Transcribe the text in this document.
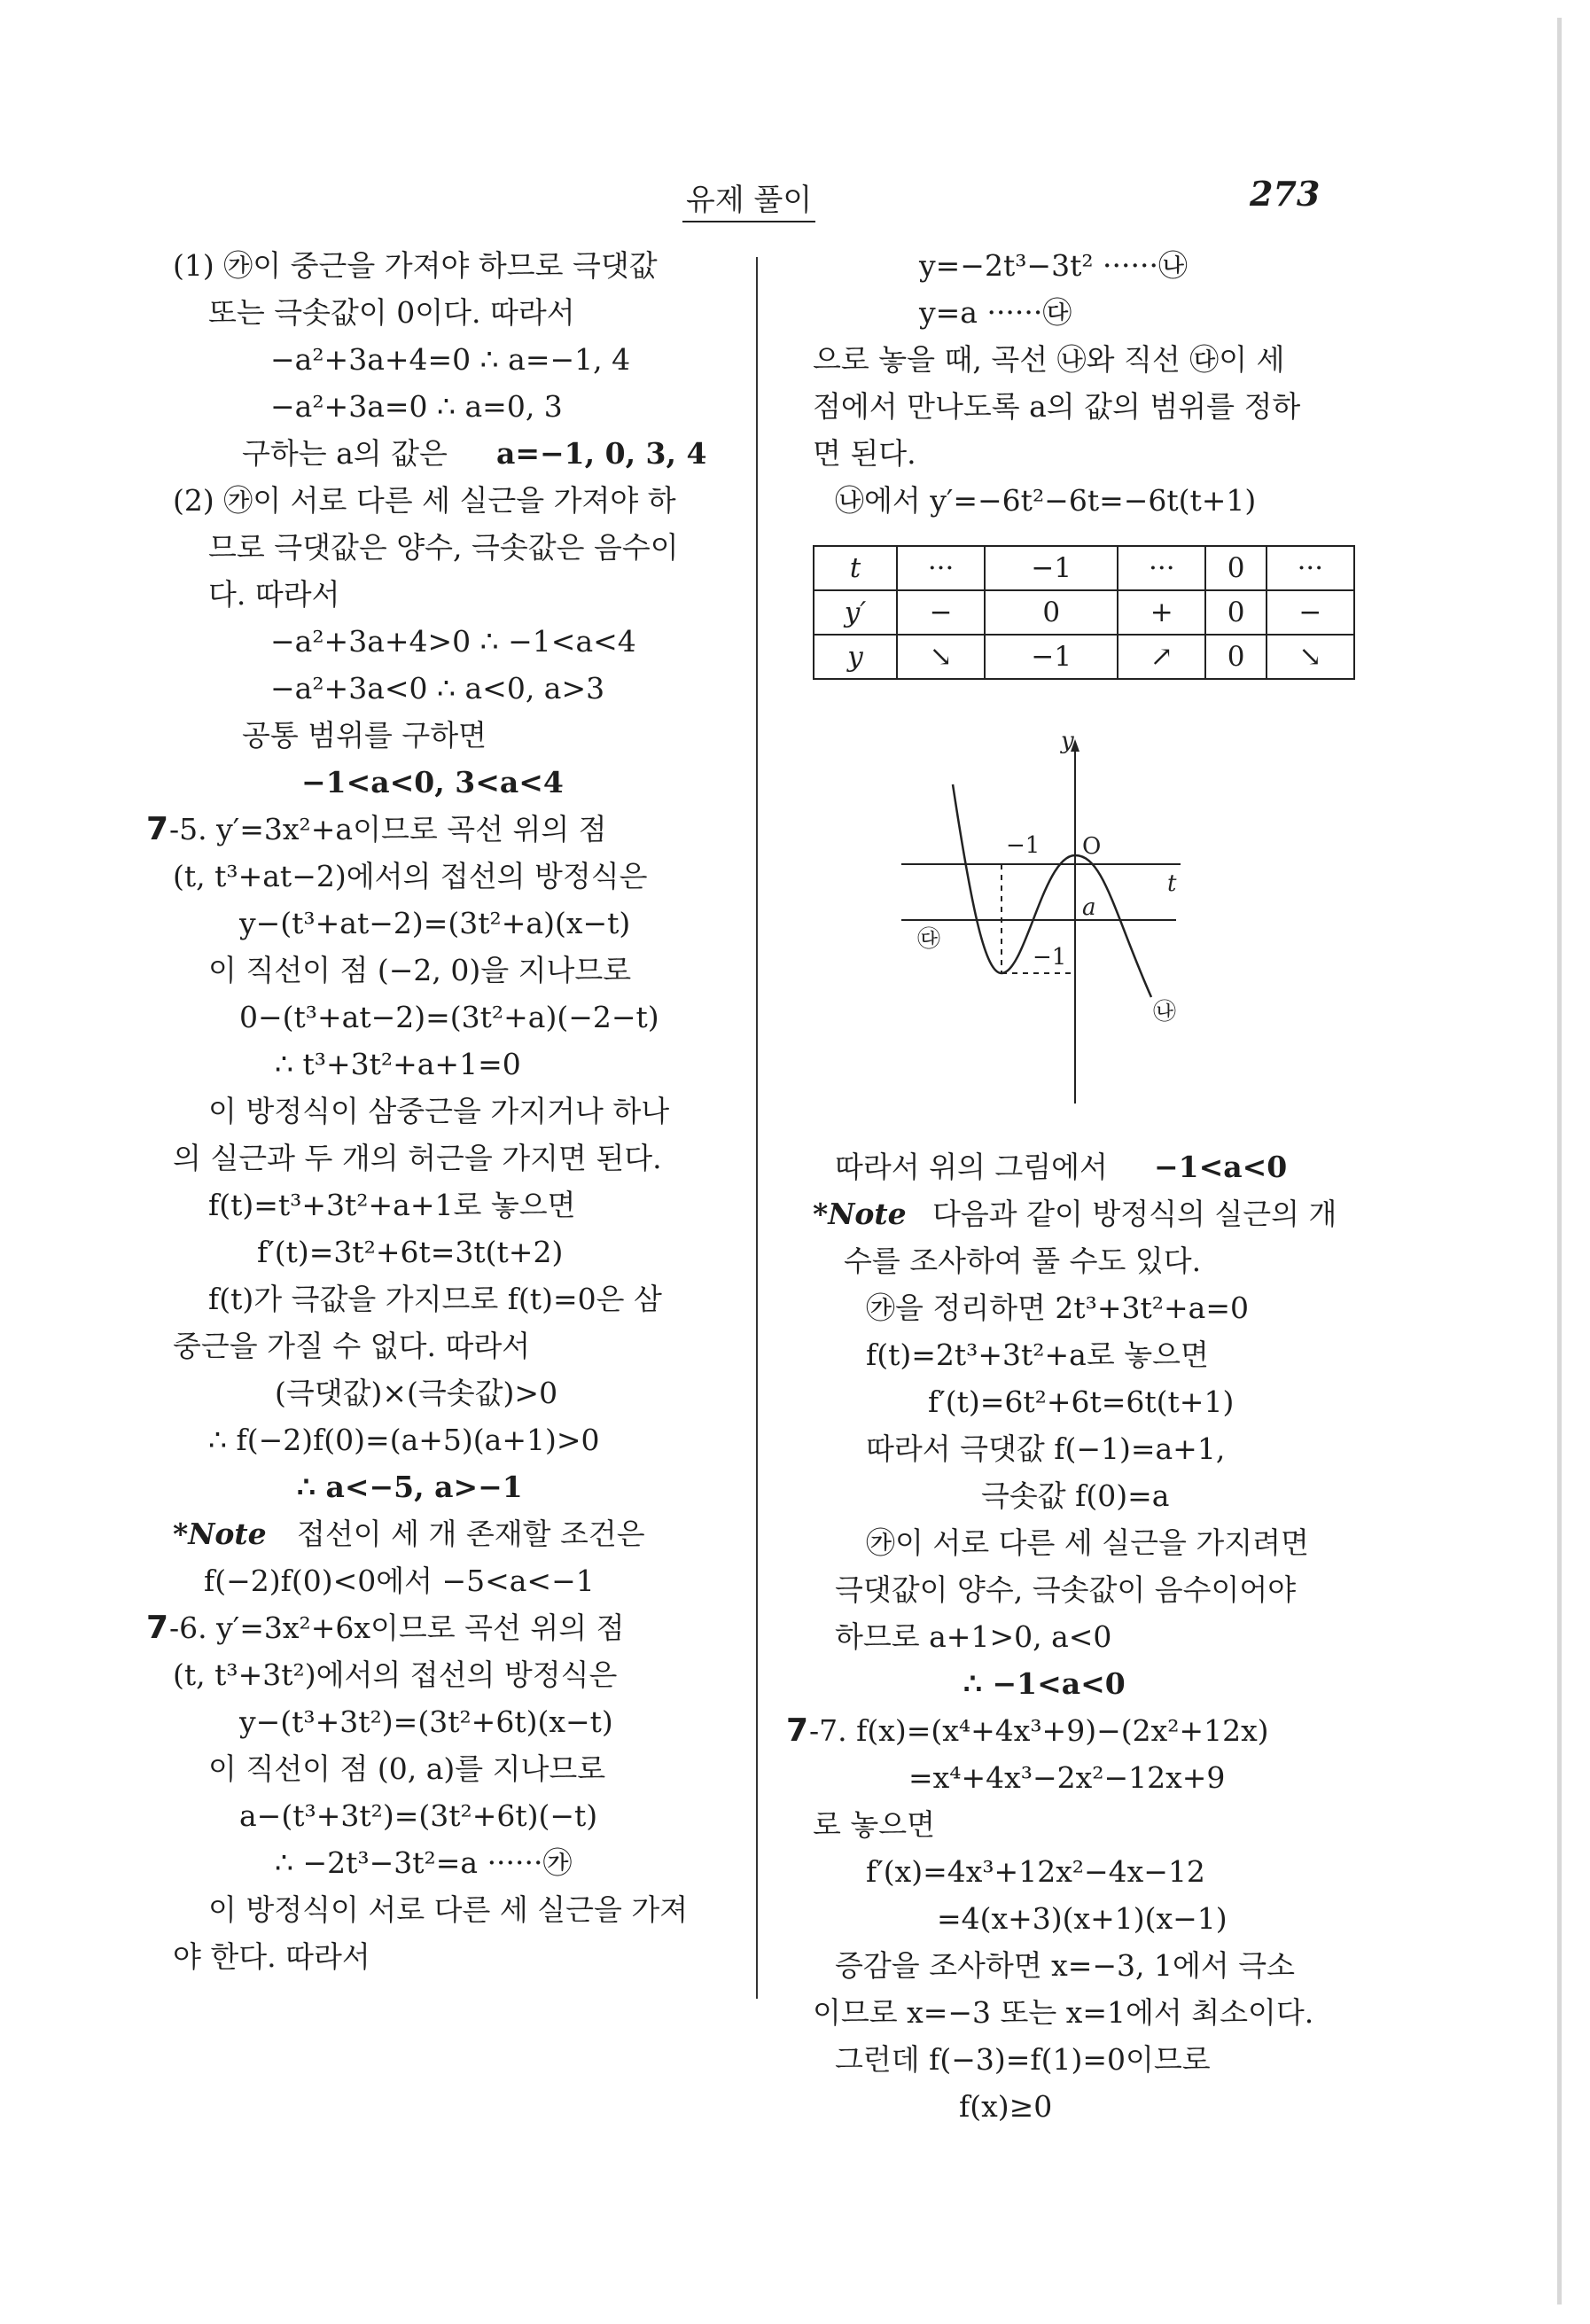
유제 풀이	273
(1) ㉮이 중근을 가져야 하므로 극댓값
또는 극솟값이 0이다. 따라서
−a²+3a+4=0 ∴ a=−1, 4
−a²+3a=0 ∴ a=0, 3
구하는 a의 값은 a=−1, 0, 3, 4
(2) ㉮이 서로 다른 세 실근을 가져야 하
므로 극댓값은 양수, 극솟값은 음수이
다. 따라서
−a²+3a+4>0 ∴ −1<a<4
−a²+3a<0 ∴ a<0, a>3
공통 범위를 구하면
−1<a<0, 3<a<4
7 -5. y′=3x²+a이므로 곡선 위의 점
(t, t³+at−2)에서의 접선의 방정식은
y−(t³+at−2)=(3t²+a)(x−t)
이 직선이 점 (−2, 0)을 지나므로
0−(t³+at−2)=(3t²+a)(−2−t)
∴ t³+3t²+a+1=0
이 방정식이 삼중근을 가지거나 하나
의 실근과 두 개의 허근을 가지면 된다.
f(t)=t³+3t²+a+1로 놓으면
f′(t)=3t²+6t=3t(t+2)
f(t)가 극값을 가지므로 f(t)=0은 삼
중근을 가질 수 없다. 따라서
(극댓값)×(극솟값)>0
∴ f(−2)f(0)=(a+5)(a+1)>0
∴ a<−5, a>−1
*Note 접선이 세 개 존재할 조건은
f(−2)f(0)<0에서 −5<a<−1
7 -6. y′=3x²+6x이므로 곡선 위의 점
(t, t³+3t²)에서의 접선의 방정식은
y−(t³+3t²)=(3t²+6t)(x−t)
이 직선이 점 (0, a)를 지나므로
a−(t³+3t²)=(3t²+6t)(−t)
∴ −2t³−3t²=a ······㉮
이 방정식이 서로 다른 세 실근을 가져
야 한다. 따라서
y=−2t³−3t² ······㉯
y=a ······㉰
으로 놓을 때, 곡선 ㉯와 직선 ㉰이 세
점에서 만나도록 a의 값의 범위를 정하
면 된다.
㉯에서 y′=−6t²−6t=−6t(t+1)
t	···	−1	···	0	···
y′	−	0	+	0	−
y	↘	−1	↗	0	↘
y
t
−1 O
a
−1
㉰
㉯
따라서 위의 그림에서 −1<a<0
*Note 다음과 같이 방정식의 실근의 개
수를 조사하여 풀 수도 있다.
㉮을 정리하면 2t³+3t²+a=0
f(t)=2t³+3t²+a로 놓으면
f′(t)=6t²+6t=6t(t+1)
따라서 극댓값 f(−1)=a+1,
극솟값 f(0)=a
㉮이 서로 다른 세 실근을 가지려면
극댓값이 양수, 극솟값이 음수이어야
하므로 a+1>0, a<0
∴ −1<a<0
7 -7. f(x)=(x⁴+4x³+9)−(2x²+12x)
=x⁴+4x³−2x²−12x+9
로 놓으면
f′(x)=4x³+12x²−4x−12
=4(x+3)(x+1)(x−1)
증감을 조사하면 x=−3, 1에서 극소
이므로 x=−3 또는 x=1에서 최소이다.
그런데 f(−3)=f(1)=0이므로
f(x)≥0
